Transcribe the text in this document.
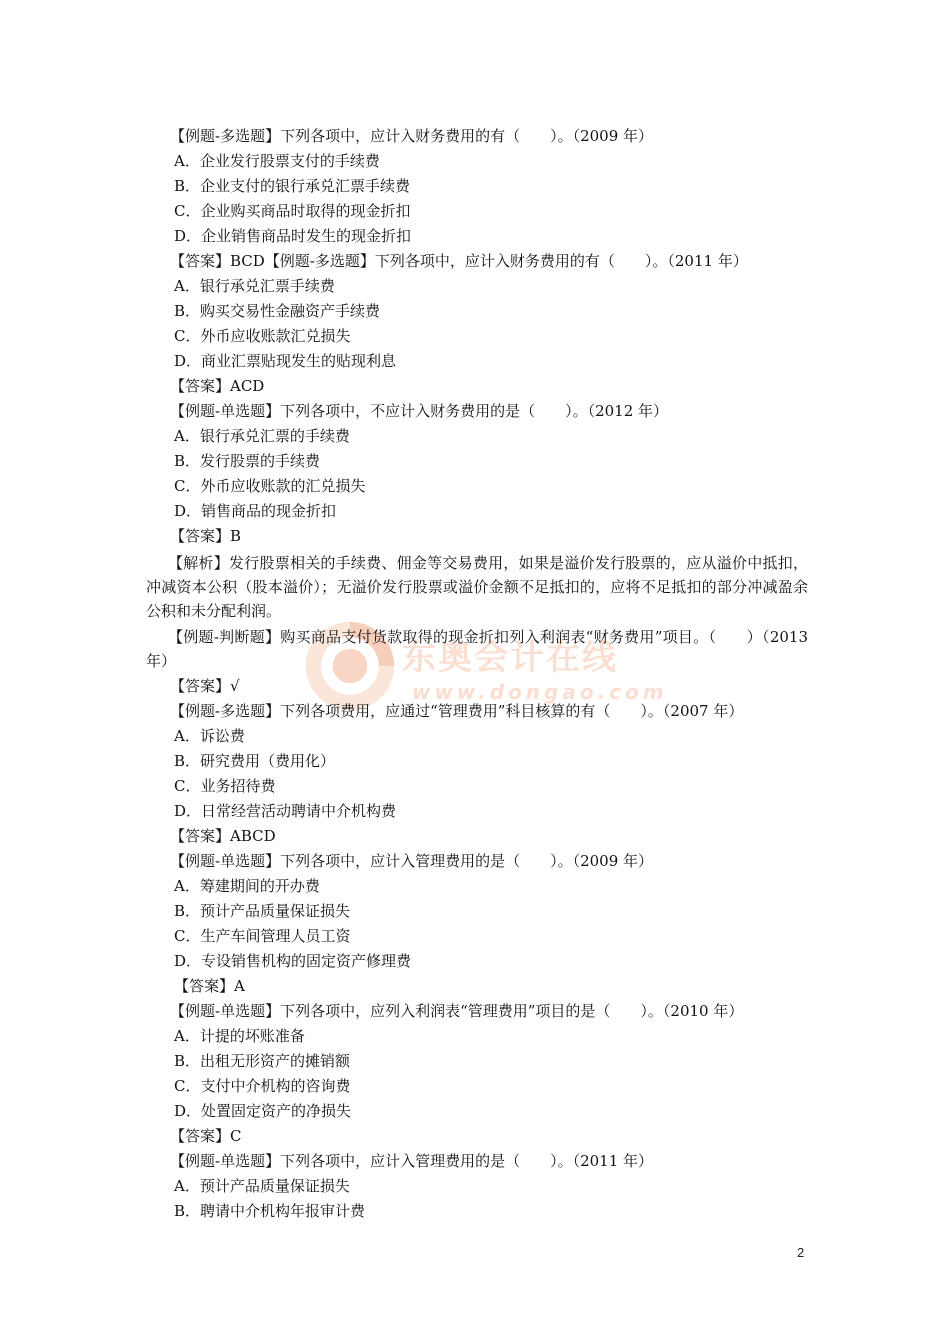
东奥会计在线
www.dongao.com
【例题-多选题】下列各项中，应计入财务费用的有（　　）。（2009 年）
A．企业发行股票支付的手续费
B．企业支付的银行承兑汇票手续费
C．企业购买商品时取得的现金折扣
D．企业销售商品时发生的现金折扣
【答案】BCD【例题-多选题】下列各项中，应计入财务费用的有（　　）。（2011 年）
A．银行承兑汇票手续费
B．购买交易性金融资产手续费
C．外币应收账款汇兑损失
D．商业汇票贴现发生的贴现利息
【答案】ACD
【例题-单选题】下列各项中，不应计入财务费用的是（　　）。（2012 年）
A．银行承兑汇票的手续费
B．发行股票的手续费
C．外币应收账款的汇兑损失
D．销售商品的现金折扣
【答案】B
【解析】发行股票相关的手续费、佣金等交易费用，如果是溢价发行股票的，应从溢价中抵扣，冲减资本公积（股本溢价）；无溢价发行股票或溢价金额不足抵扣的，应将不足抵扣的部分冲减盈余公积和未分配利润。
【例题-判断题】购买商品支付货款取得的现金折扣列入利润表“财务费用”项目。（　　）（2013 年）
【答案】√
【例题-多选题】下列各项费用，应通过“管理费用”科目核算的有（　　）。（2007 年）
A．诉讼费
B．研究费用（费用化）
C．业务招待费
D．日常经营活动聘请中介机构费
【答案】ABCD
【例题-单选题】下列各项中，应计入管理费用的是（　　）。（2009 年）
A．筹建期间的开办费
B．预计产品质量保证损失
C．生产车间管理人员工资
D．专设销售机构的固定资产修理费
【答案】A
【例题-单选题】下列各项中，应列入利润表“管理费用”项目的是（　　）。（2010 年）
A．计提的坏账准备
B．出租无形资产的摊销额
C．支付中介机构的咨询费
D．处置固定资产的净损失
【答案】C
【例题-单选题】下列各项中，应计入管理费用的是（　　）。（2011 年）
A．预计产品质量保证损失
B．聘请中介机构年报审计费
2
